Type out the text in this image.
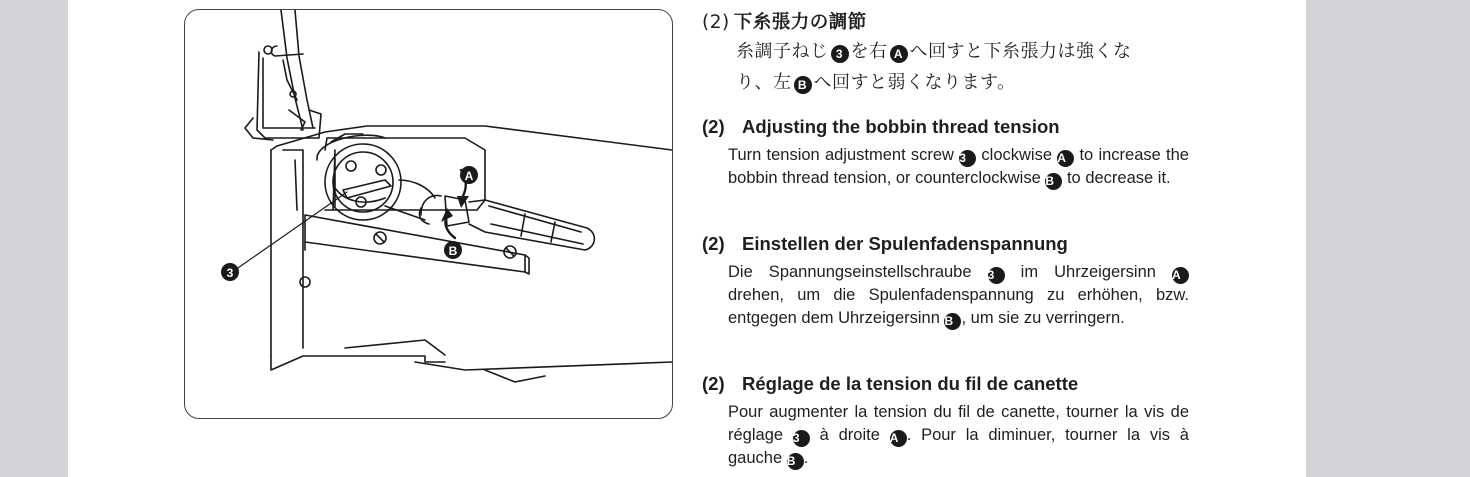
3
A
B
(2) 下糸張力の調節
糸調子ねじ 3 を右 A へ回すと下糸張力は強くな
り、左 B へ回すと弱くなります。
(2) Adjusting the bobbin thread tension
Turn tension adjustment screw 3 clockwise A to increase the bobbin thread tension, or counterclockwise B to decrease it.
(2) Einstellen der Spulenfadenspannung
Die Spannungseinstellschraube 3 im Uhrzeigersinn A drehen, um die Spulenfadenspannung zu erhöhen, bzw. entgegen dem Uhrzeigersinn B , um sie zu verringern.
(2) Réglage de la tension du fil de canette
Pour augmenter la tension du fil de canette, tourner la vis de réglage 3 à droite A . Pour la diminuer, tourner la vis à gauche B .
